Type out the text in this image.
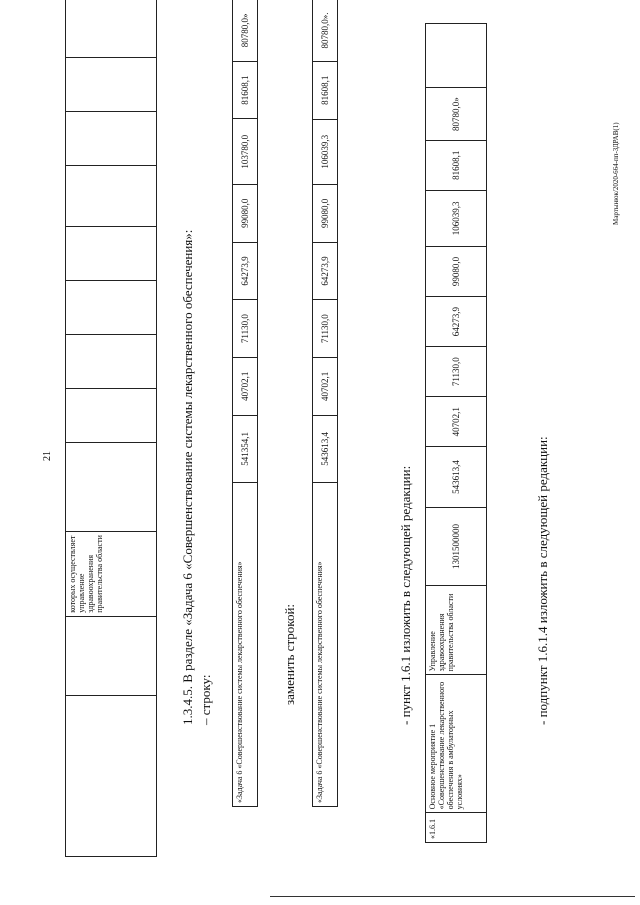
21
		которых осуществляет управление здравоохранения правительства области										1.3.4.5. В разделе «Задача 6 «Совершенствование системы лекарственного обеспечения»: – строку:	«Задача 6 «Совершенствование системы лекарственного обеспечения»	541354,1	40702,1	71130,0	64273,9	99080,0	103780,0	81608,1	80780,0»
заменить строкой: «Задача 6 «Совершенствование системы лекарственного обеспечения»	543613,4	40702,1	71130,0	64273,9	99080,0	106039,3	81608,1	80780,0».
- пункт 1.6.1 изложить в следующей редакции:
«1.6.1	Основное мероприятие 1 «Совершенствование лекарственного обеспечения в амбулаторных условиях»	Управление здравоохранения правительства области	1301500000	543613,4	40702,1	71130,0	64273,9	99080,0	106039,3	81608,1	80780,0»	
- подпункт 1.6.1.4 изложить в следующей редакции:
Мартынюк/2020-664-пп-ЗДРАВ(1)
